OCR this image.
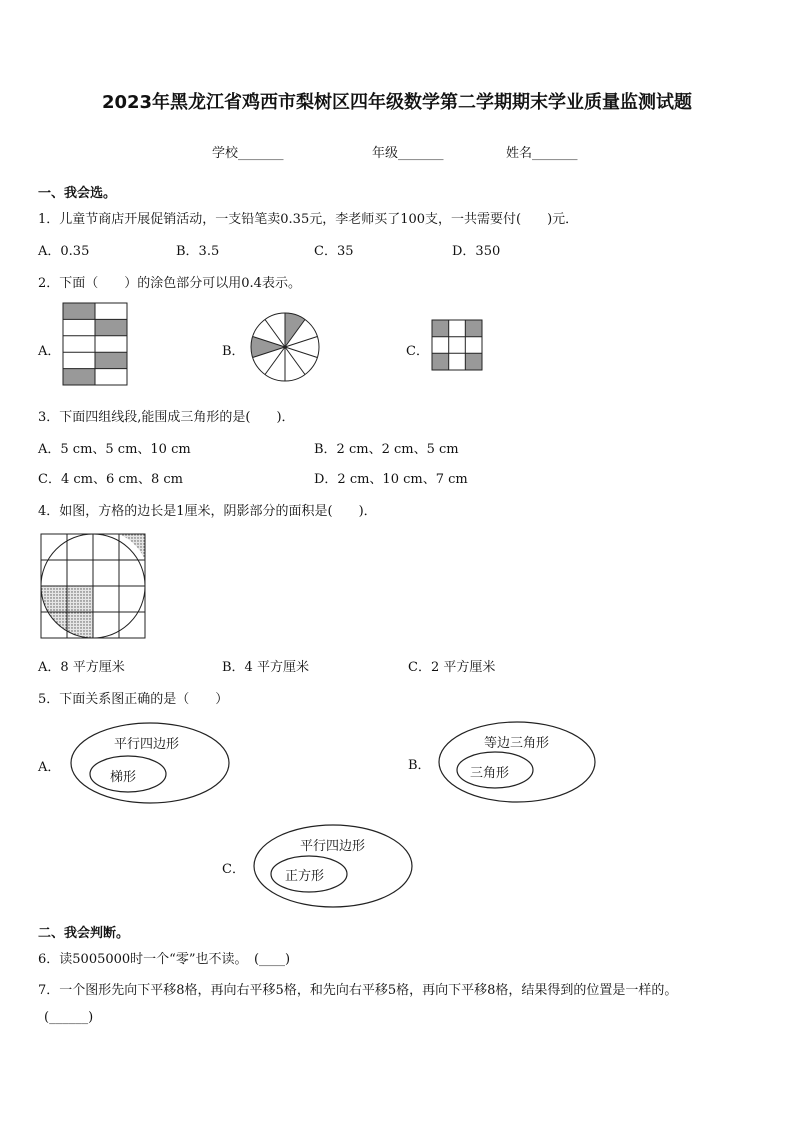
2023年黑龙江省鸡西市梨树区四年级数学第二学期期末学业质量监测试题
学校_______	年级_______	姓名_______
一、我会选。
1．儿童节商店开展促销活动，一支铅笔卖0.35元，李老师买了100支，一共需要付(　　)元．
A．0.35	B．3.5	C．35	D．350
2．下面（　　）的涂色部分可以用0.4表示。
A．	B．	C．
3．下面四组线段,能围成三角形的是(　　)．
A．5 cm、5 cm、10 cm	B．2 cm、2 cm、5 cm
C．4 cm、6 cm、8 cm	D．2 cm、10 cm、7 cm
4．如图，方格的边长是1厘米，阴影部分的面积是(　　)．
A．8 平方厘米	B．4 平方厘米	C．2 平方厘米
5．下面关系图正确的是（　　）
A．
平行四边形
梯形
B．
等边三角形
三角形
C．
平行四边形
正方形
二、我会判断。
6．读5005000时一个“零”也不读。　(____)
7．一个图形先向下平移8格，再向右平移5格，和先向右平移5格，再向下平移8格，结果得到的位置是一样的。
(______)
